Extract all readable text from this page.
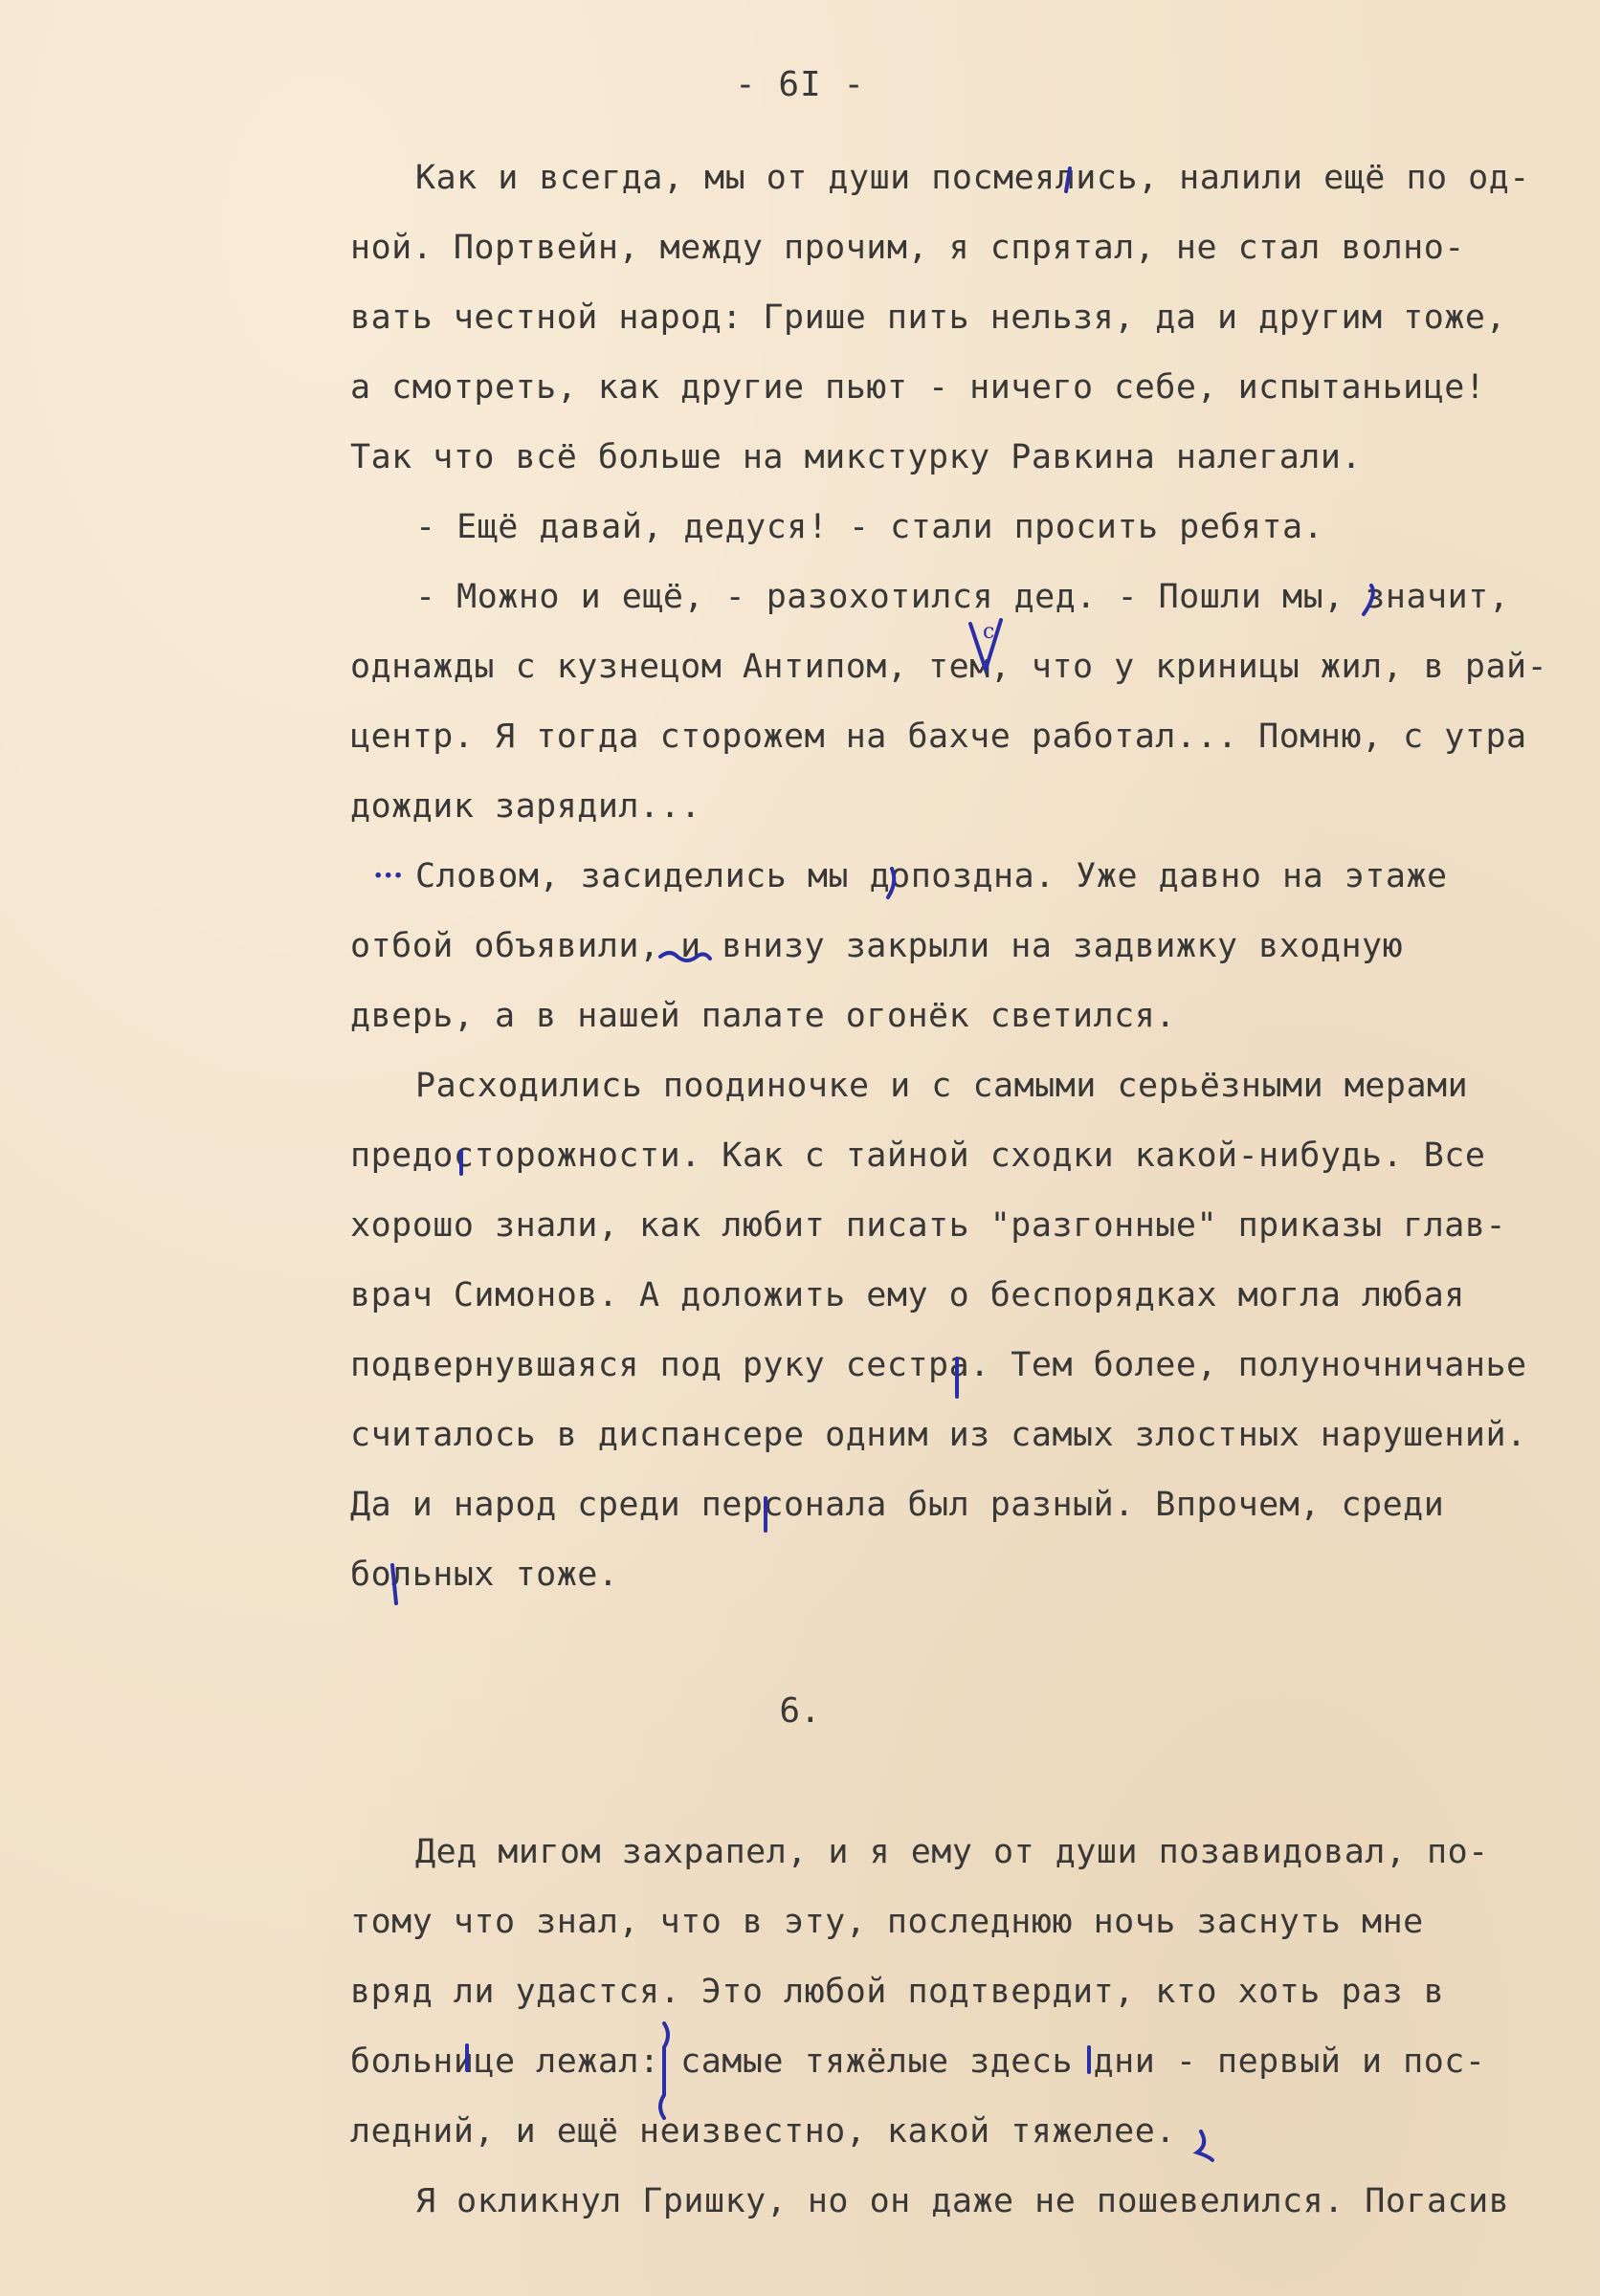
- 6I -
Как и всегда, мы от души посмеялись, налили ещё по од-
ной. Портвейн, между прочим, я спрятал, не стал волно-
вать честной народ: Грише пить нельзя, да и другим тоже,
а смотреть, как другие пьют - ничего себе, испытаньице!
Так что всё больше на микстурку Равкина налегали.
- Ещё давай, дедуся! - стали просить ребята.
- Можно и ещё, - разохотился дед. - Пошли мы, значит,
однажды с кузнецом Антипом, тем, что у криницы жил, в рай-
центр. Я тогда сторожем на бахче работал... Помню, с утра
дождик зарядил...
Словом, засиделись мы допоздна. Уже давно на этаже
отбой объявили, и внизу закрыли на задвижку входную
дверь, а в нашей палате огонёк светился.
Расходились поодиночке и с самыми серьёзными мерами
предосторожности. Как с тайной сходки какой-нибудь. Все
хорошо знали, как любит писать "разгонные" приказы глав-
врач Симонов. А доложить ему о беспорядках могла любая
подвернувшаяся под руку сестра. Тем более, полуночничанье
считалось в диспансере одним из самых злостных нарушений.
Да и народ среди персонала был разный. Впрочем, среди
больных тоже.
6.
Дед мигом захрапел, и я ему от души позавидовал, по-
тому что знал, что в эту, последнюю ночь заснуть мне
вряд ли удастся. Это любой подтвердит, кто хоть раз в
больнице лежал: самые тяжёлые здесь дни - первый и пос-
ледний, и ещё неизвестно, какой тяжелее.
Я окликнул Гришку, но он даже не пошевелился. Погасив
...
с
